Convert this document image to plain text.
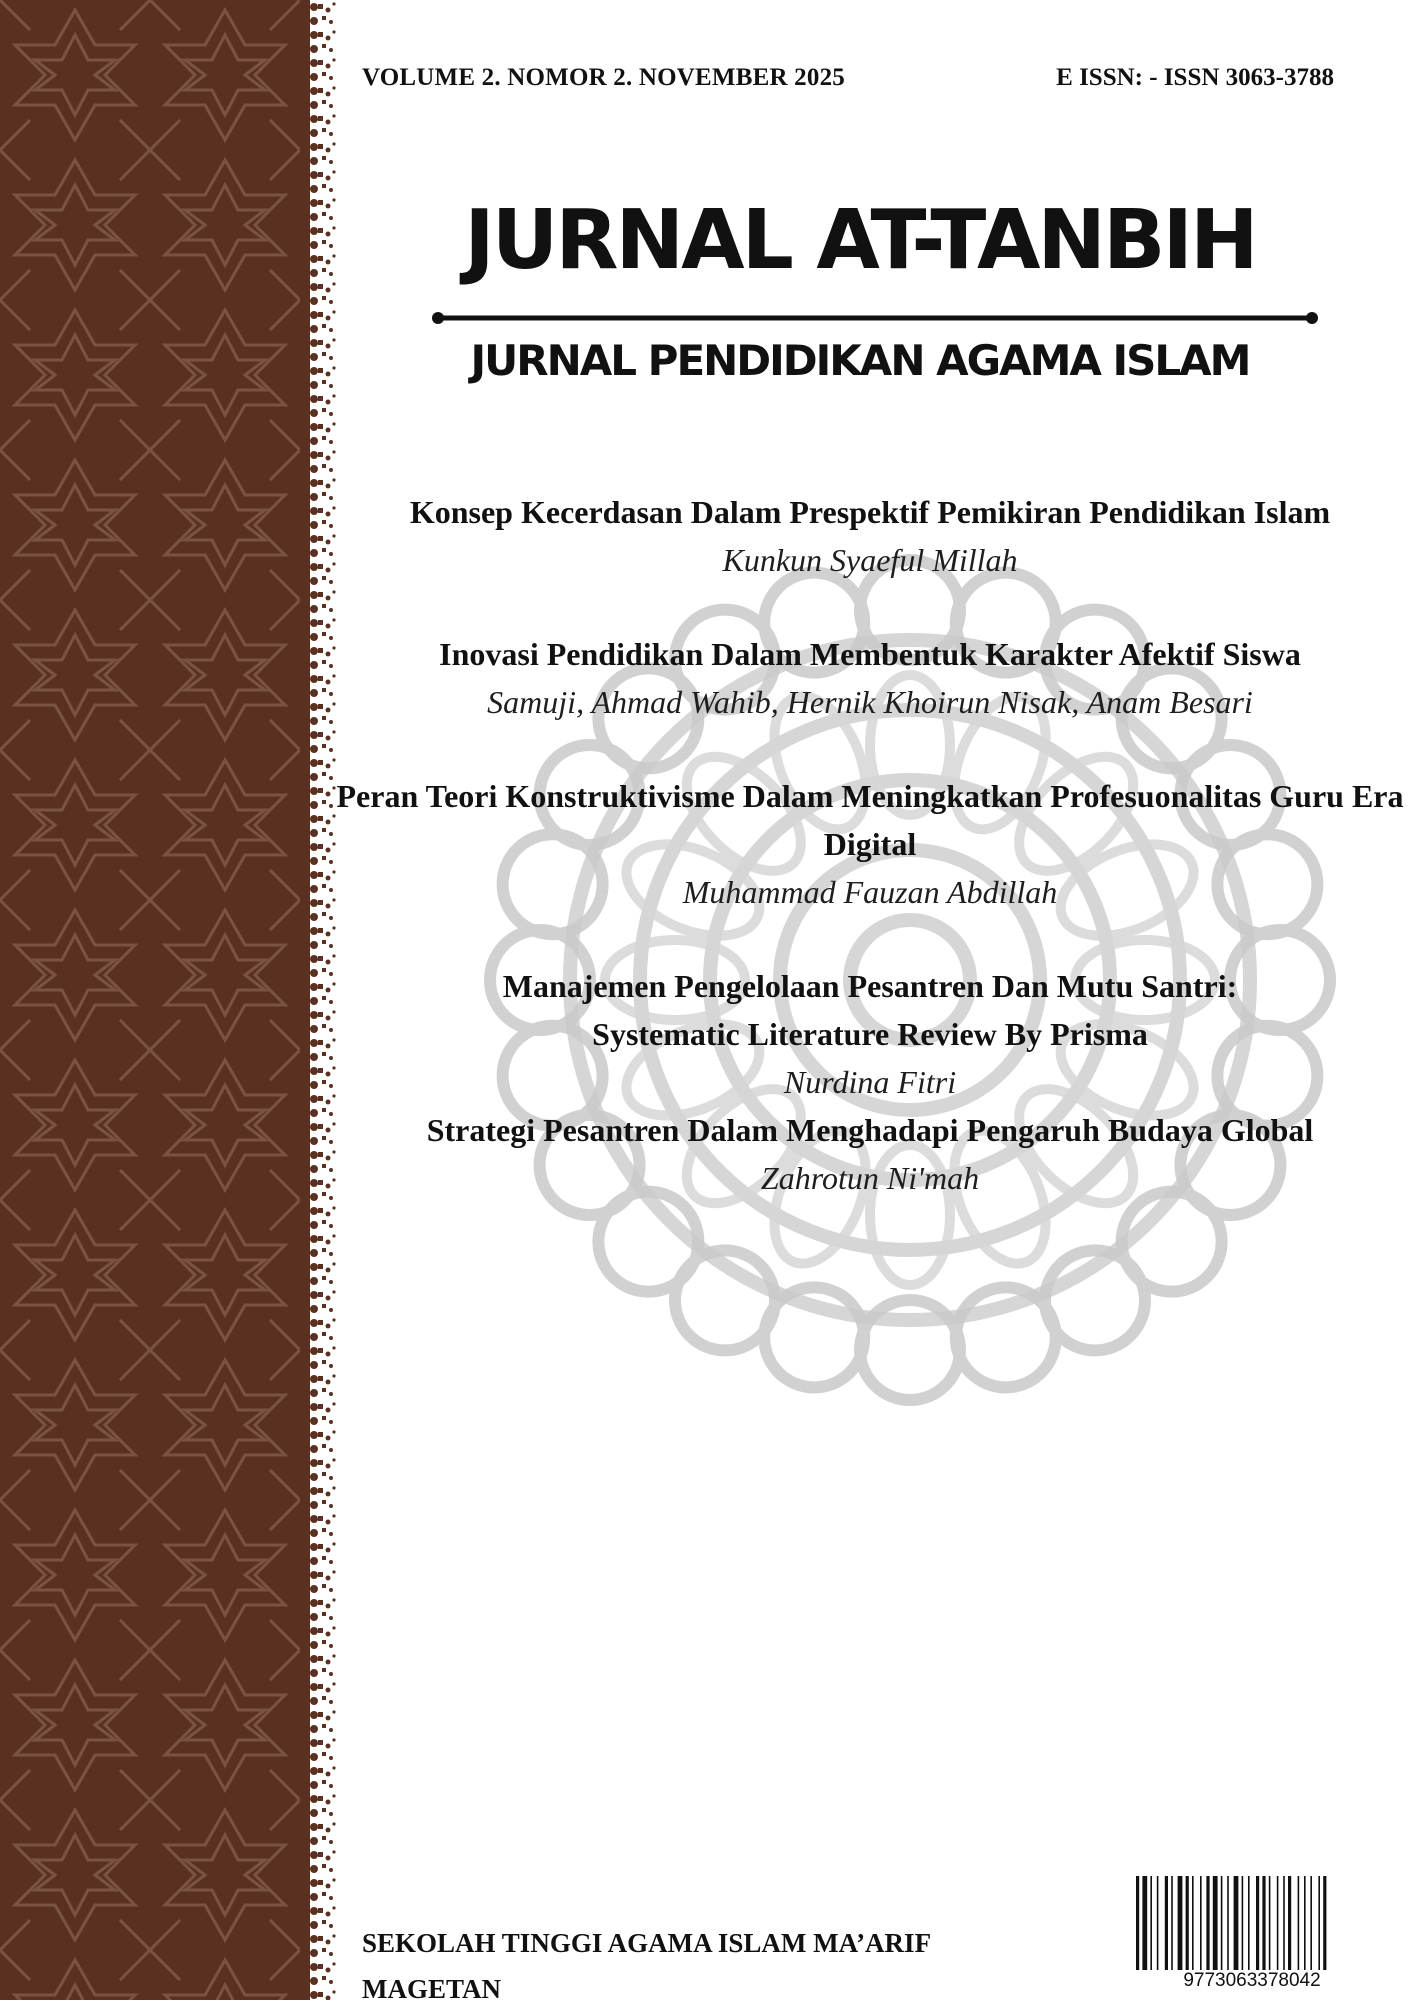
VOLUME 2. NOMOR 2. NOVEMBER 2025	E ISSN: - ISSN 3063-3788
JURNAL AT-TANBIH
JURNAL PENDIDIKAN AGAMA ISLAM
Konsep Kecerdasan Dalam Prespektif Pemikiran Pendidikan Islam
Kunkun Syaeful Millah
Inovasi Pendidikan Dalam Membentuk Karakter Afektif Siswa
Samuji, Ahmad Wahib, Hernik Khoirun Nisak, Anam Besari
Peran Teori Konstruktivisme Dalam Meningkatkan Profesuonalitas Guru Era Digital
Muhammad Fauzan Abdillah
Manajemen Pengelolaan Pesantren Dan Mutu Santri: Systematic Literature Review By Prisma
Nurdina Fitri
Strategi Pesantren Dalam Menghadapi Pengaruh Budaya Global
Zahrotun Ni'mah
SEKOLAH TINGGI AGAMA ISLAM MA’ARIF
MAGETAN	9773063378042
